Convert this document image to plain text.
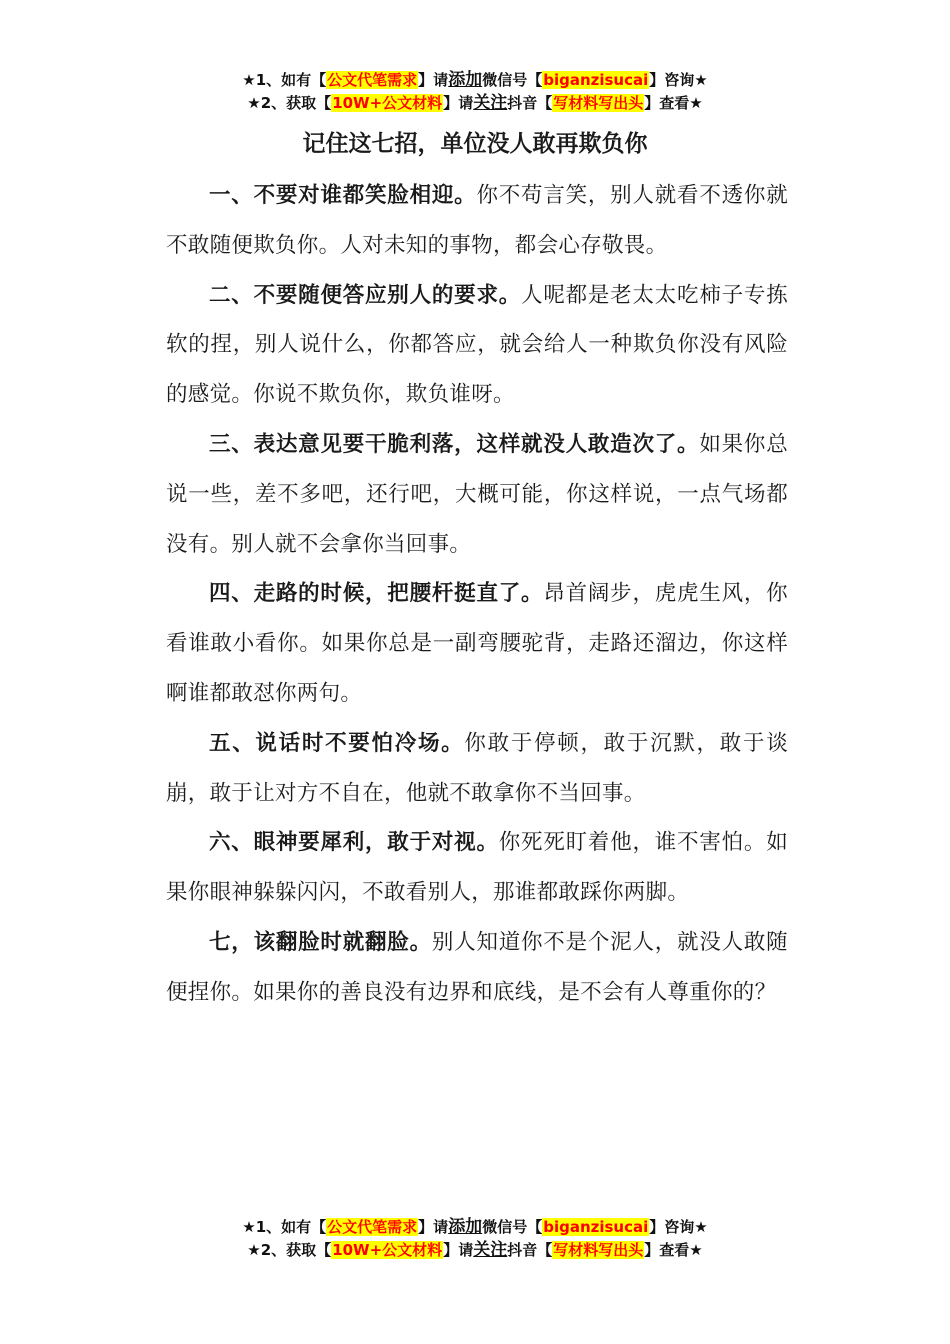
★1、如有【公文代笔需求】请添加微信号【biganzisucai】咨询★
★2、获取【10W+公文材料】请关注抖音【写材料写出头】查看★
记住这七招，单位没人敢再欺负你

一、不要对谁都笑脸相迎。你不苟言笑，别人就看不透你就不敢随便欺负你。人对未知的事物，都会心存敬畏。

二、不要随便答应别人的要求。人呢都是老太太吃柿子专拣软的捏，别人说什么，你都答应，就会给人一种欺负你没有风险的感觉。你说不欺负你，欺负谁呀。

三、表达意见要干脆利落，这样就没人敢造次了。如果你总说一些，差不多吧，还行吧，大概可能，你这样说，一点气场都没有。别人就不会拿你当回事。

四、走路的时候，把腰杆挺直了。昂首阔步，虎虎生风，你看谁敢小看你。如果你总是一副弯腰驼背，走路还溜边，你这样啊谁都敢怼你两句。

五、说话时不要怕冷场。你敢于停顿，敢于沉默，敢于谈崩，敢于让对方不自在，他就不敢拿你不当回事。

六、眼神要犀利，敢于对视。你死死盯着他，谁不害怕。如果你眼神躲躲闪闪，不敢看别人，那谁都敢踩你两脚。

七，该翻脸时就翻脸。别人知道你不是个泥人，就没人敢随便捏你。如果你的善良没有边界和底线，是不会有人尊重你的？

★1、如有【公文代笔需求】请添加微信号【biganzisucai】咨询★
★2、获取【10W+公文材料】请关注抖音【写材料写出头】查看★
